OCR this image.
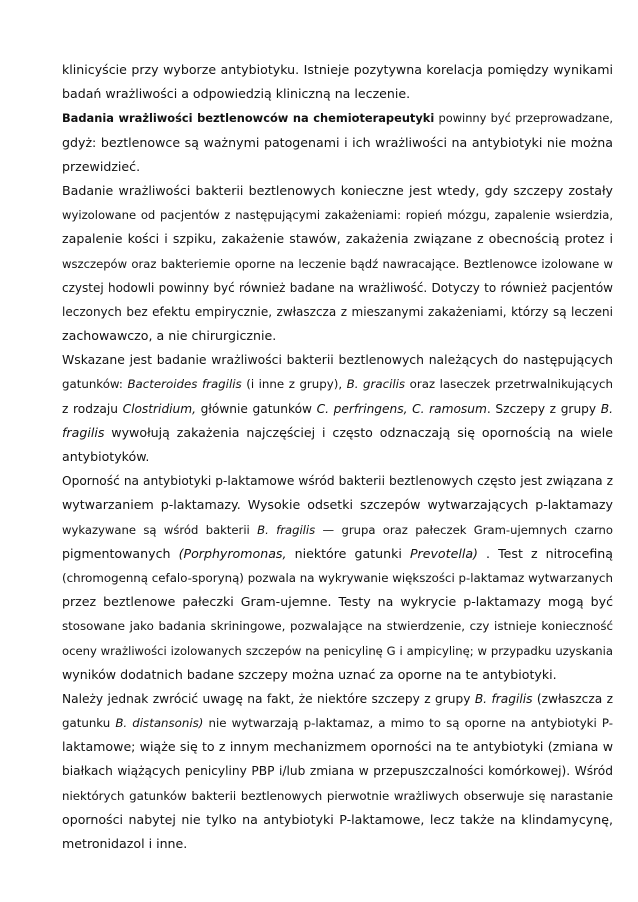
klinicyście przy wyborze antybiotyku. Istnieje pozytywna korelacja pomiędzy wynikami
badań wrażliwości a odpowiedzią kliniczną na leczenie.
Badania wrażliwości beztlenowców na chemioterapeutyki powinny być przeprowadzane,
gdyż: beztlenowce są ważnymi patogenami i ich wrażliwości na antybiotyki nie można
przewidzieć.
Badanie wrażliwości bakterii beztlenowych konieczne jest wtedy, gdy szczepy zostały
wyizolowane od pacjentów z następującymi zakażeniami: ropień mózgu, zapalenie wsierdzia,
zapalenie kości i szpiku, zakażenie stawów, zakażenia związane z obecnością protez i
wszczepów oraz bakteriemie oporne na leczenie bądź nawracające. Beztlenowce izolowane w
czystej hodowli powinny być również badane na wrażliwość. Dotyczy to również pacjentów
leczonych bez efektu empirycznie, zwłaszcza z mieszanymi zakażeniami, którzy są leczeni
zachowawczo, a nie chirurgicznie.
Wskazane jest badanie wrażliwości bakterii beztlenowych należących do następujących
gatunków: Bacteroides fragilis (i inne z grupy), B. gracilis oraz laseczek przetrwalnikujących
z rodzaju Clostridium, głównie gatunków C. perfringens, C. ramosum. Szczepy z grupy B.
fragilis wywołują zakażenia najczęściej i często odznaczają się opornością na wiele
antybiotyków.
Oporność na antybiotyki p-laktamowe wśród bakterii beztlenowych często jest związana z
wytwarzaniem p-laktamazy. Wysokie odsetki szczepów wytwarzających p-laktamazy
wykazywane są wśród bakterii B. fragilis — grupa oraz pałeczek Gram-ujemnych czarno
pigmentowanych (Porphyromonas, niektóre gatunki Prevotella) . Test z nitrocefiną
(chromogenną cefalo-sporyną) pozwala na wykrywanie większości p-laktamaz wytwarzanych
przez beztlenowe pałeczki Gram-ujemne. Testy na wykrycie p-laktamazy mogą być
stosowane jako badania skriningowe, pozwalające na stwierdzenie, czy istnieje konieczność
oceny wrażliwości izolowanych szczepów na penicylinę G i ampicylinę; w przypadku uzyskania
wyników dodatnich badane szczepy można uznać za oporne na te antybiotyki.
Należy jednak zwrócić uwagę na fakt, że niektóre szczepy z grupy B. fragilis (zwłaszcza z
gatunku B. distansonis) nie wytwarzają p-laktamaz, a mimo to są oporne na antybiotyki P-
laktamowe; wiąże się to z innym mechanizmem oporności na te antybiotyki (zmiana w
białkach wiążących penicyliny PBP i/lub zmiana w przepuszczalności komórkowej). Wśród
niektórych gatunków bakterii beztlenowych pierwotnie wrażliwych obserwuje się narastanie
oporności nabytej nie tylko na antybiotyki P-laktamowe, lecz także na klindamycynę,
metronidazol i inne.
